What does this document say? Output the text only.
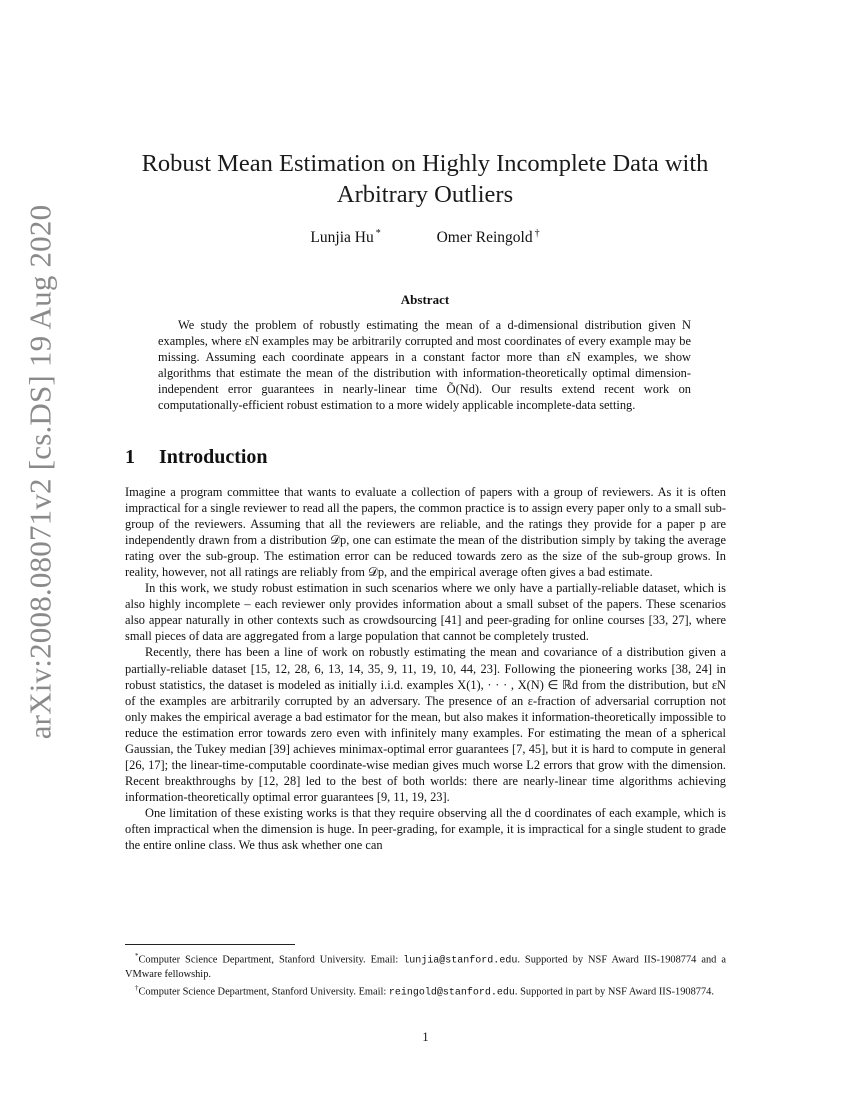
arXiv:2008.08071v2 [cs.DS] 19 Aug 2020
Robust Mean Estimation on Highly Incomplete Data with Arbitrary Outliers
Lunjia Hu *	Omer Reingold †
Abstract

We study the problem of robustly estimating the mean of a d-dimensional distribution given N examples, where εN examples may be arbitrarily corrupted and most coordinates of every example may be missing. Assuming each coordinate appears in a constant factor more than εN examples, we show algorithms that estimate the mean of the distribution with information-theoretically optimal dimension-independent error guarantees in nearly-linear time Õ(Nd). Our results extend recent work on computationally-efficient robust estimation to a more widely applicable incomplete-data setting.

1 Introduction

Imagine a program committee that wants to evaluate a collection of papers with a group of reviewers. As it is often impractical for a single reviewer to read all the papers, the common practice is to assign every paper only to a small sub-group of the reviewers. Assuming that all the reviewers are reliable, and the ratings they provide for a paper p are independently drawn from a distribution 𝒟p, one can estimate the mean of the distribution simply by taking the average rating over the sub-group. The estimation error can be reduced towards zero as the size of the sub-group grows. In reality, however, not all ratings are reliably from 𝒟p, and the empirical average often gives a bad estimate.

In this work, we study robust estimation in such scenarios where we only have a partially-reliable dataset, which is also highly incomplete – each reviewer only provides information about a small subset of the papers. These scenarios also appear naturally in other contexts such as crowdsourcing [41] and peer-grading for online courses [33, 27], where small pieces of data are aggregated from a large population that cannot be completely trusted.

Recently, there has been a line of work on robustly estimating the mean and covariance of a distribution given a partially-reliable dataset [15, 12, 28, 6, 13, 14, 35, 9, 11, 19, 10, 44, 23]. Following the pioneering works [38, 24] in robust statistics, the dataset is modeled as initially i.i.d. examples X(1), · · · , X(N) ∈ ℝd from the distribution, but εN of the examples are arbitrarily corrupted by an adversary. The presence of an ε-fraction of adversarial corruption not only makes the empirical average a bad estimator for the mean, but also makes it information-theoretically impossible to reduce the estimation error towards zero even with infinitely many examples. For estimating the mean of a spherical Gaussian, the Tukey median [39] achieves minimax-optimal error guarantees [7, 45], but it is hard to compute in general [26, 17]; the linear-time-computable coordinate-wise median gives much worse L2 errors that grow with the dimension. Recent breakthroughs by [12, 28] led to the best of both worlds: there are nearly-linear time algorithms achieving information-theoretically optimal error guarantees [9, 11, 19, 23].

One limitation of these existing works is that they require observing all the d coordinates of each example, which is often impractical when the dimension is huge. In peer-grading, for example, it is impractical for a single student to grade the entire online class. We thus ask whether one can

*Computer Science Department, Stanford University. Email: lunjia@stanford.edu. Supported by NSF Award IIS-1908774 and a VMware fellowship.

†Computer Science Department, Stanford University. Email: reingold@stanford.edu. Supported in part by NSF Award IIS-1908774.

1
